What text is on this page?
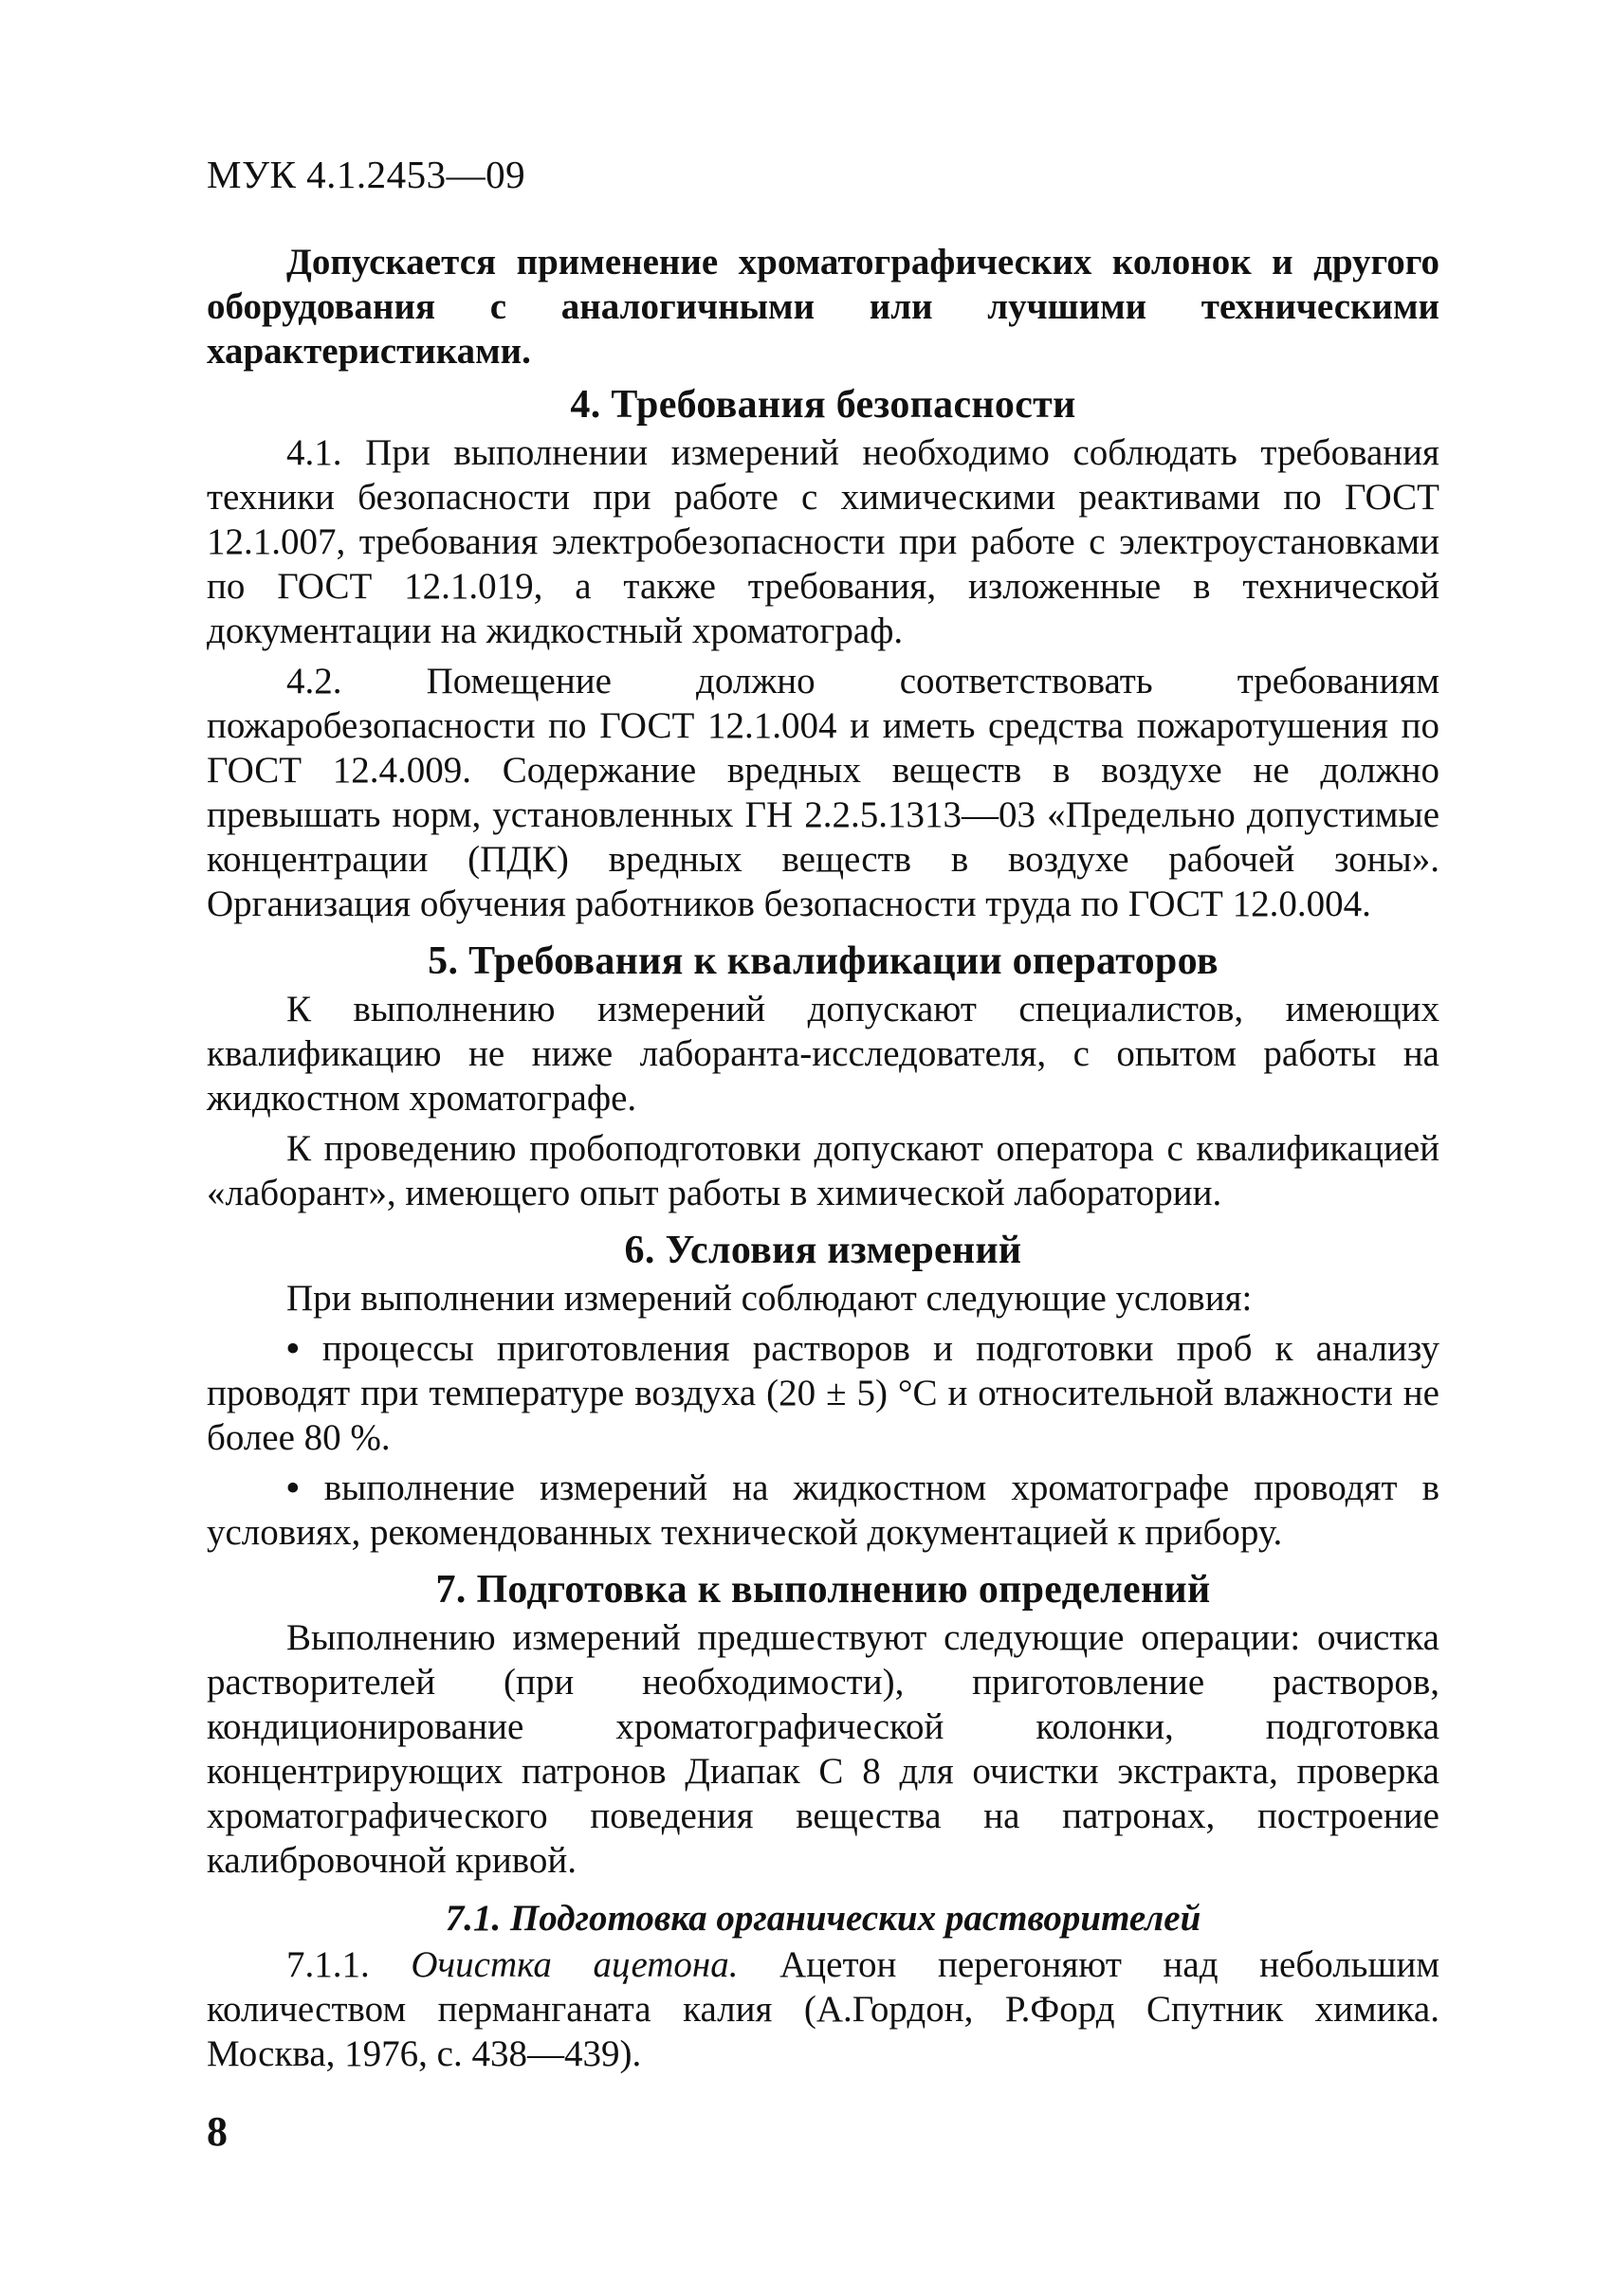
МУК 4.1.2453—09

Допускается применение хроматографических колонок и другого оборудования с аналогичными или лучшими техническими характеристиками.

4. Требования безопасности

4.1. При выполнении измерений необходимо соблюдать требования техники безопасности при работе с химическими реактивами по ГОСТ 12.1.007, требования электробезопасности при работе с электроустановками по ГОСТ 12.1.019, а также требования, изложенные в технической документации на жидкостный хроматограф.

4.2. Помещение должно соответствовать требованиям пожаробезопасности по ГОСТ 12.1.004 и иметь средства пожаротушения по ГОСТ 12.4.009. Содержание вредных веществ в воздухе не должно превышать норм, установленных ГН 2.2.5.1313—03 «Предельно допустимые концентрации (ПДК) вредных веществ в воздухе рабочей зоны». Организация обучения работников безопасности труда по ГОСТ 12.0.004.

5. Требования к квалификации операторов

К выполнению измерений допускают специалистов, имеющих квалификацию не ниже лаборанта-исследователя, с опытом работы на жидкостном хроматографе.

К проведению пробоподготовки допускают оператора с квалификацией «лаборант», имеющего опыт работы в химической лаборатории.

6. Условия измерений

При выполнении измерений соблюдают следующие условия:

• процессы приготовления растворов и подготовки проб к анализу проводят при температуре воздуха (20 ± 5) °С и относительной влажности не более 80 %.

• выполнение измерений на жидкостном хроматографе проводят в условиях, рекомендованных технической документацией к прибору.

7. Подготовка к выполнению определений

Выполнению измерений предшествуют следующие операции: очистка растворителей (при необходимости), приготовление растворов, кондиционирование хроматографической колонки, подготовка концентрирующих патронов Диапак С 8 для очистки экстракта, проверка хроматографического поведения вещества на патронах, построение калибровочной кривой.

7.1. Подготовка органических растворителей

7.1.1. Очистка ацетона. Ацетон перегоняют над небольшим количеством перманганата калия (А.Гордон, Р.Форд Спутник химика. Москва, 1976, с. 438—439).

8
